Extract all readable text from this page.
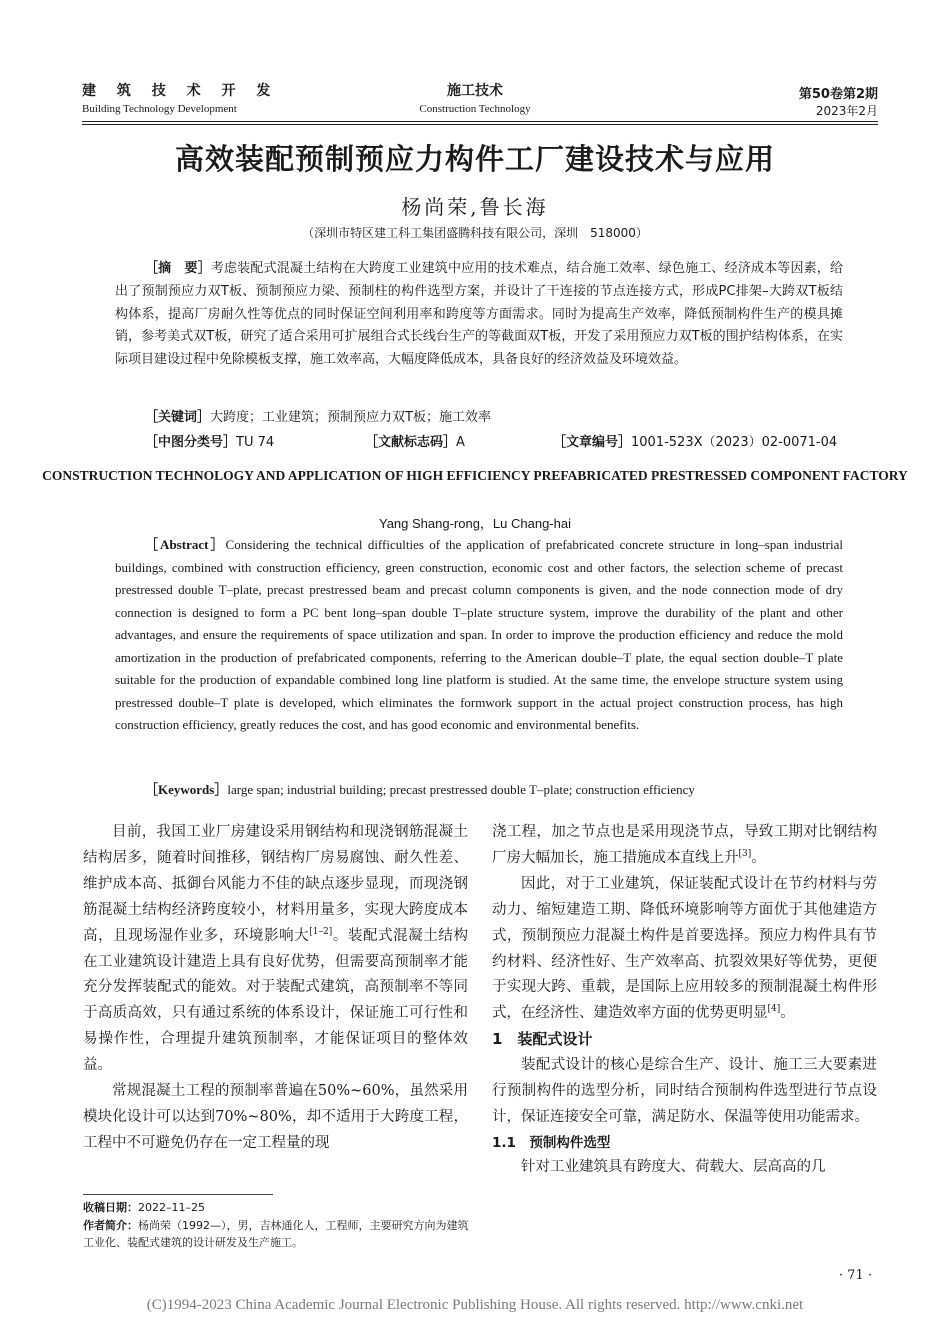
建 筑 技 术 开 发
Building Technology Development
施工技术
Construction Technology
第50卷第2期
2023年2月
高效装配预制预应力构件工厂建设技术与应用
杨尚荣,鲁长海
（深圳市特区建工科工集团盛腾科技有限公司，深圳　518000）
［摘　要］考虑装配式混凝土结构在大跨度工业建筑中应用的技术难点，结合施工效率、绿色施工、经济成本等因素，给出了预制预应力双T板、预制预应力梁、预制柱的构件选型方案，并设计了干连接的节点连接方式，形成PC排架–大跨双T板结构体系，提高厂房耐久性等优点的同时保证空间利用率和跨度等方面需求。同时为提高生产效率，降低预制构件生产的模具摊销，参考美式双T板，研究了适合采用可扩展组合式长线台生产的等截面双T板，开发了采用预应力双T板的围护结构体系，在实际项目建设过程中免除模板支撑，施工效率高，大幅度降低成本，具备良好的经济效益及环境效益。
［关键词］大跨度；工业建筑；预制预应力双T板；施工效率
［中图分类号］TU 74	［文献标志码］A	［文章编号］1001-523X（2023）02-0071-04
CONSTRUCTION TECHNOLOGY AND APPLICATION OF HIGH EFFICIENCY PREFABRICATED PRESTRESSED COMPONENT FACTORY
Yang Shang-rong，Lu Chang-hai
［Abstract］Considering the technical difficulties of the application of prefabricated concrete structure in long–span industrial buildings, combined with construction efficiency, green construction, economic cost and other factors, the selection scheme of precast prestressed double T–plate, precast prestressed beam and precast column components is given, and the node connection mode of dry connection is designed to form a PC bent long–span double T–plate structure system, improve the durability of the plant and other advantages, and ensure the requirements of space utilization and span. In order to improve the production efficiency and reduce the mold amortization in the production of prefabricated components, referring to the American double–T plate, the equal section double–T plate suitable for the production of expandable combined long line platform is studied. At the same time, the envelope structure system using prestressed double–T plate is developed, which eliminates the formwork support in the actual project construction process, has high construction efficiency, greatly reduces the cost, and has good economic and environmental benefits.
［Keywords］large span; industrial building; precast prestressed double T–plate; construction efficiency

目前，我国工业厂房建设采用钢结构和现浇钢筋混凝土结构居多，随着时间推移，钢结构厂房易腐蚀、耐久性差、维护成本高、抵御台风能力不佳的缺点逐步显现，而现浇钢筋混凝土结构经济跨度较小，材料用量多，实现大跨度成本高，且现场湿作业多，环境影响大[1–2]。装配式混凝土结构在工业建筑设计建造上具有良好优势，但需要高预制率才能充分发挥装配式的能效。对于装配式建筑，高预制率不等同于高质高效，只有通过系统的体系设计，保证施工可行性和易操作性，合理提升建筑预制率，才能保证项目的整体效益。

常规混凝土工程的预制率普遍在50%~60%，虽然采用模块化设计可以达到70%~80%，却不适用于大跨度工程，工程中不可避免仍存在一定工程量的现

浇工程，加之节点也是采用现浇节点，导致工期对比钢结构厂房大幅加长，施工措施成本直线上升[3]。

因此，对于工业建筑，保证装配式设计在节约材料与劳动力、缩短建造工期、降低环境影响等方面优于其他建造方式，预制预应力混凝土构件是首要选择。预应力构件具有节约材料、经济性好、生产效率高、抗裂效果好等优势，更便于实现大跨、重载，是国际上应用较多的预制混凝土构件形式，在经济性、建造效率方面的优势更明显[4]。

1　装配式设计

装配式设计的核心是综合生产、设计、施工三大要素进行预制构件的选型分析，同时结合预制构件选型进行节点设计，保证连接安全可靠，满足防水、保温等使用功能需求。

1.1　预制构件选型

针对工业建筑具有跨度大、荷载大、层高高的几

收稿日期：2022–11–25
作者简介：杨尚荣（1992—），男，吉林通化人，工程师，主要研究方向为建筑工业化、装配式建筑的设计研发及生产施工。
· 71 ·
(C)1994-2023 China Academic Journal Electronic Publishing House. All rights reserved. http://www.cnki.net
